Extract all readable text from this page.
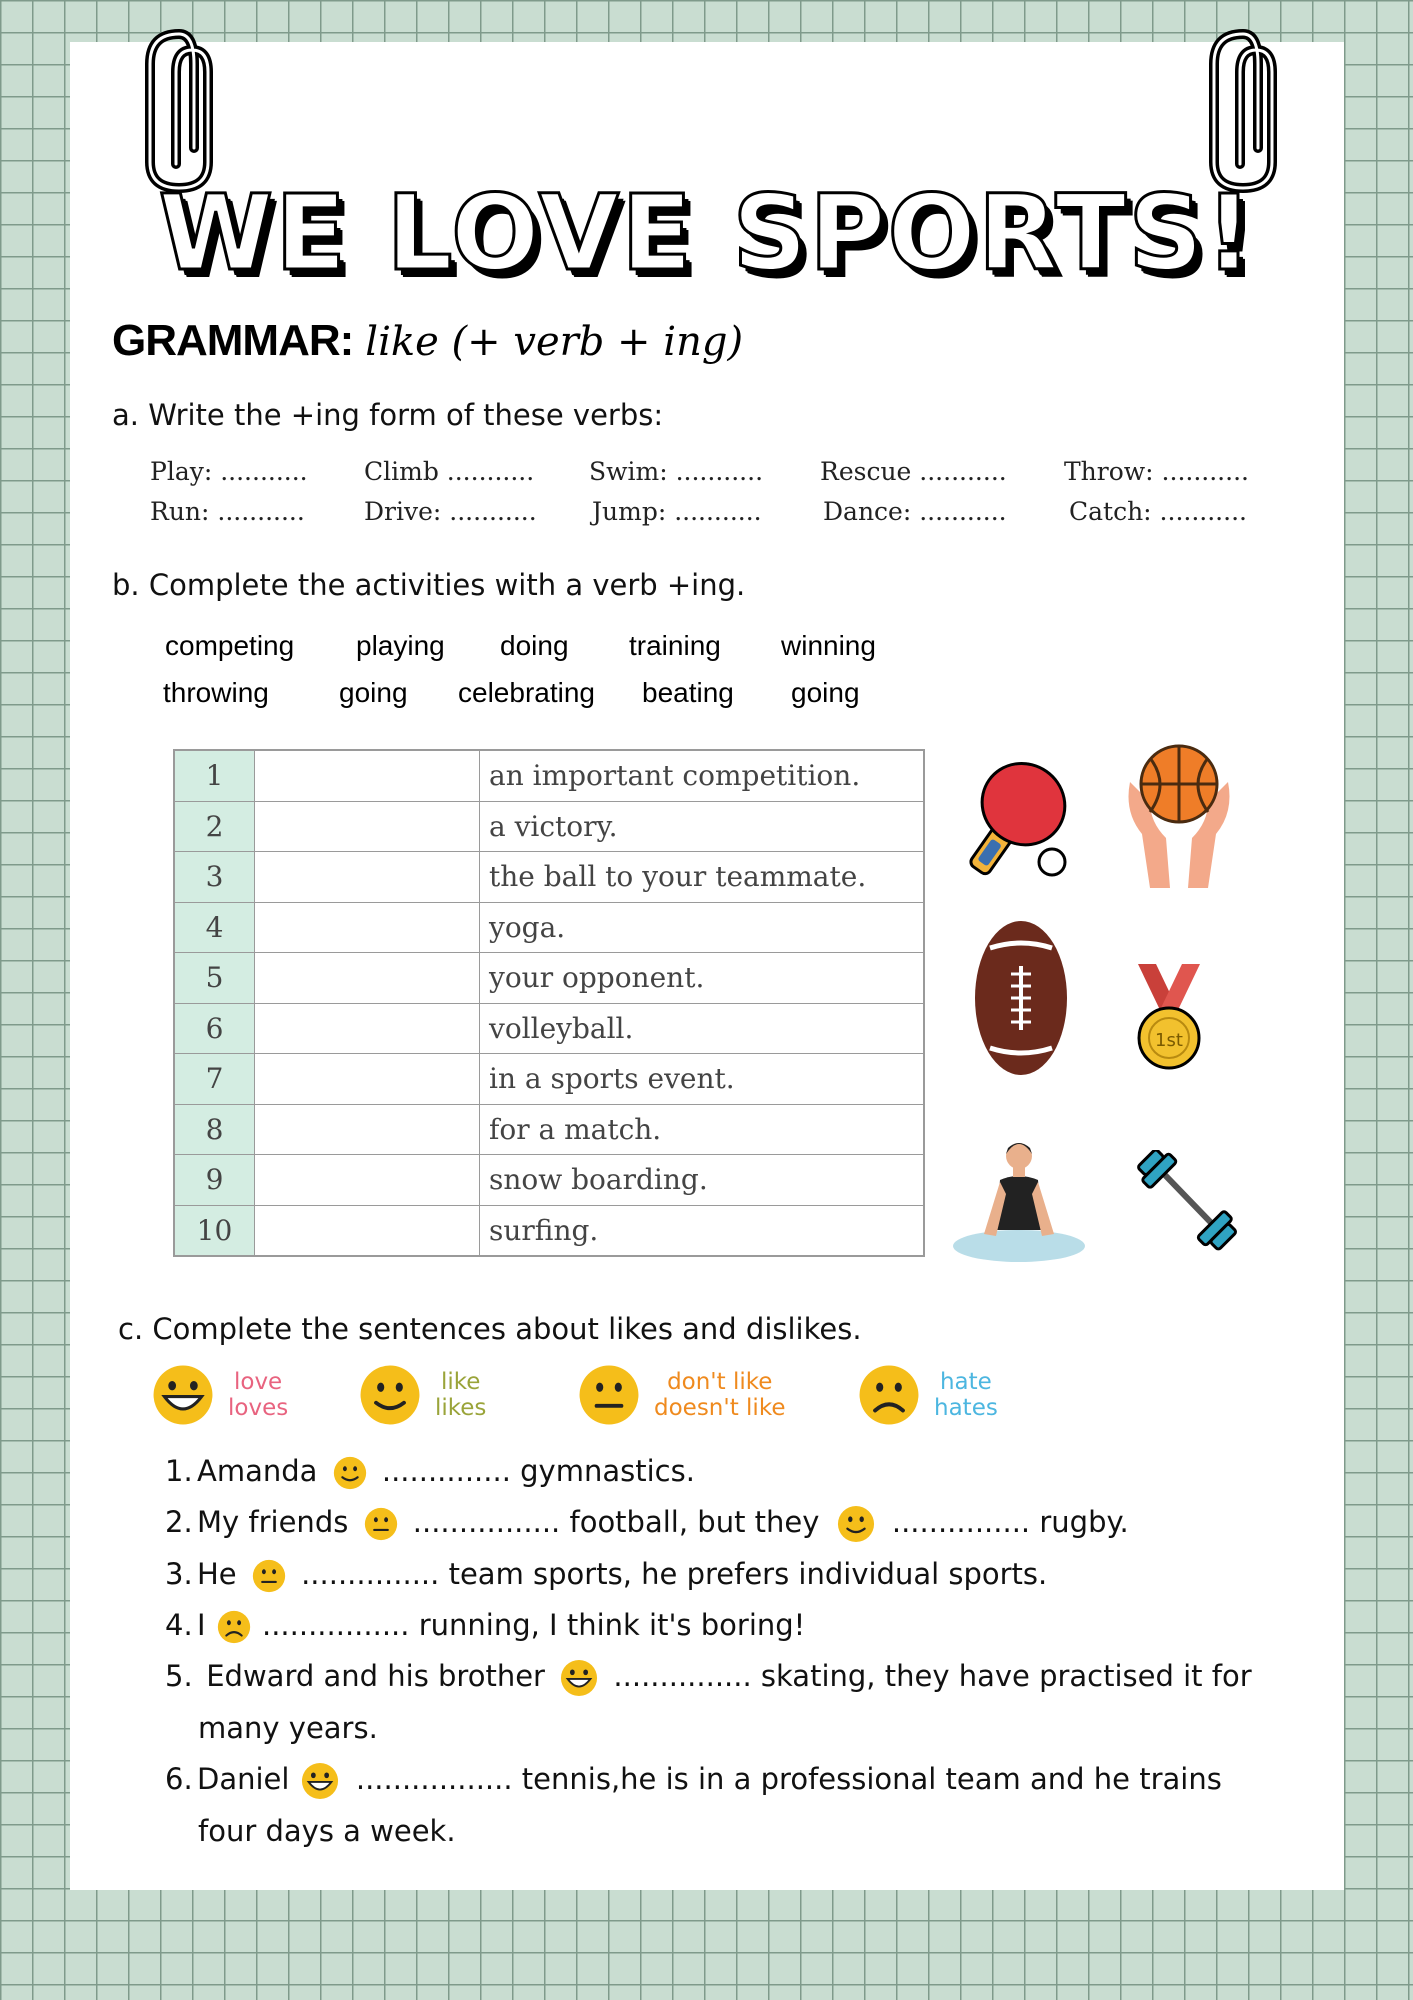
WE LOVE SPORTS!
GRAMMAR: like (+ verb + ing)
a. Write the +ing form of these verbs:
Play: ........... Climb ........... Swim: ........... Rescue ........... Throw: ...........
Run: ........... Drive: ........... Jump: ........... Dance: ........... Catch: ...........
b. Complete the activities with a verb +ing.
competing playing doing training winning
throwing	going celebrating beating going
1		an important competition.
2		a victory.
3		the ball to your teammate.
4		yoga.
5		your opponent.
6		volleyball.
7		in a sports event.
8		for a match.
9		snow boarding.
10		surfing.
1st
c. Complete the sentences about likes and dislikes.
love
loves
like
likes
don't like
doesn't like
hate
hates
1. Amanda .............. gymnastics.
2. My friends ................ football, but they ............... rugby.
3. He ............... team sports, he prefers individual sports.
4. I ................ running, I think it's boring!
5. Edward and his brother ............... skating, they have practised it for
many years.
6. Daniel ................. tennis,he is in a professional team and he trains
four days a week.
